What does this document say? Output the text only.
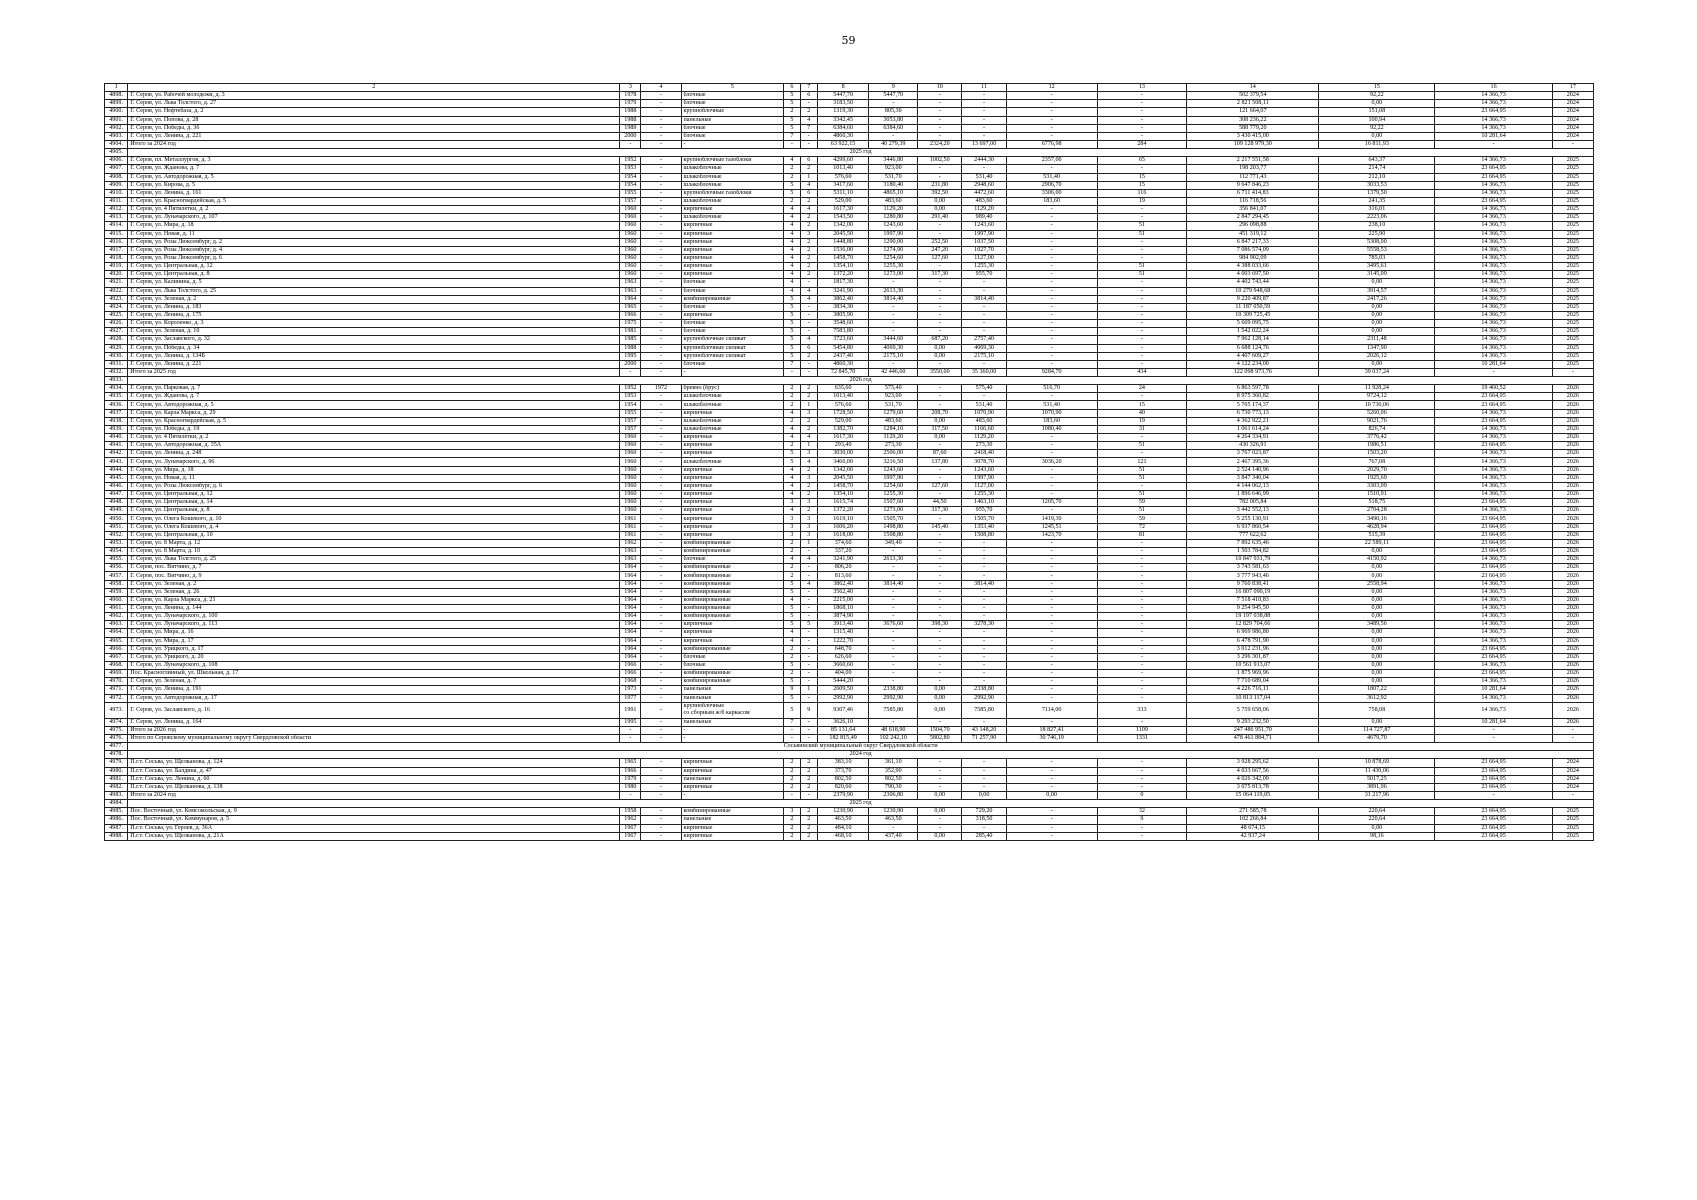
59
1	2	3	4	5	6	7	8	9	10	11	12	13	14	15	16	17
4898.	Г. Серов, ул. Рабочей молодежи, д. 3	1978	-	блочные	5	6	5447,70	5447,70	-	-	-	-	502 379,54	92,22	14 366,73	2024
4899.	Г. Серов, ул. Льва Толстого, д. 27	1979	-	блочные	5	-	3183,50	-	-	-	-	-	2 821 508,11	0,00	14 366,73	2024
4900.	Г. Серов, ул. Нефтебаза, д. 2	1988	-	крупноблочные	2	2	1319,30	805,30	-	-	-	-	121 664,07	151,08	23 664,95	2024
4901.	Г. Серов, ул. Попова, д. 28	1988	-	панельные	5	4	3342,45	3053,80	-	-	-	-	308 236,22	100,94	14 366,73	2024
4902.	Г. Серов, ул. Победы, д. 36	1989	-	блочные	5	7	6384,60	6384,60	-	-	-	-	588 779,20	92,22	14 366,73	2024
4903.	Г. Серов, ул. Ленина, д. 221	2000	-	блочные	7	-	4860,30	-	-	-	-	-	3 430 415,00	0,00	10 281,64	2024
4904.	Итого за 2024 год	-	-	-	-	-	63 922,15	40 279,39	2324,20	13 697,00	6776,98	284	109 128 979,30	16 811,93	-	-
4905.	2025 год															
4906.	Г. Серов, пл. Металлургов, д. 3	1952	-	крупноблочные газоблоки	4	6	4299,60	3446,80	1002,50	2444,30	2357,00	65	2 217 551,58	643,37	14 366,73	2025
4907.	Г. Серов, ул. Жданова, д. 7	1953	-	шлакоблочные	2	2	1013,40	923,00	-	-	-	-	198 203,77	214,74	23 664,95	2025
4908.	Г. Серов, ул. Автодорожная, д. 5	1954	-	шлакоблочные	2	1	576,60	531,70	-	531,40	531,40	15	112 771,43	212,10	23 664,95	2025
4909.	Г. Серов, ул. Кирова, д. 5	1954	-	шлакоблочные	5	4	3417,60	3180,40	231,80	2948,60	2906,70	15	9 647 846,23	3033,53	14 366,73	2025
4910.	Г. Серов, ул. Ленина, д. 161	1955	-	крупноблочные газоблоки	5	6	5311,10	4865,10	392,50	4472,60	3306,00	116	6 711 414,83	1379,50	14 366,73	2025
4911.	Г. Серов, ул. Красногвардейская, д. 5	1957	-	шлакоблочные	2	2	529,00	483,60	0,00	483,60	183,60	19	116 718,56	241,35	23 664,95	2025
4912.	Г. Серов, ул. 4 Пятилетки, д. 2	1960	-	кирпичные	4	4	1617,30	1129,20	0,00	1129,20	-	-	356 841,07	316,01	14 366,73	2025
4913.	Г. Серов, ул. Луначарского, д. 107	1960	-	шлакоблочные	4	2	1543,50	1280,80	291,40	989,40	-	-	2 847 294,45	2223,06	14 366,73	2025
4914.	Г. Серов, ул. Мира, д. 18	1960	-	кирпичные	4	2	1342,00	1243,60	-	1243,60	-	51	296 098,88	238,10	14 366,73	2025
4915.	Г. Серов, ул. Новая, д. 11	1960	-	кирпичные	4	3	2045,50	1997,90	-	1997,90	-	51	451 319,12	225,90	14 366,73	2025
4916.	Г. Серов, ул. Розы Люксембург, д. 2	1960	-	кирпичные	4	2	1448,80	1290,00	252,50	1037,50	-	-	6 847 217,33	5308,00	14 366,73	2025
4917.	Г. Серов, ул. Розы Люксембург, д. 4	1960	-	кирпичные	4	2	1536,00	1274,90	247,20	1027,70	-	-	7 086 574,09	5558,53	14 366,73	2025
4918.	Г. Серов, ул. Розы Люксембург, д. 6	1960	-	кирпичные	4	2	1458,70	1254,60	127,60	1127,00	-	-	984 902,09	785,03	14 366,73	2025
4919.	Г. Серов, ул. Центральная, д. 12	1960	-	кирпичные	4	2	1354,10	1255,30	-	1255,30	-	51	4 388 033,66	3495,61	14 366,73	2025
4920.	Г. Серов, ул. Центральная, д. 8	1960	-	кирпичные	4	2	1372,20	1273,00	317,30	955,70	-	51	4 003 697,50	3145,09	14 366,73	2025
4921.	Г. Серов, ул. Калинина, д. 5	1963	-	блочные	4	-	1817,30	-	-	-	-	-	4 402 743,44	0,00	14 366,73	2025
4922.	Г. Серов, ул. Льва Толстого, д. 25	1963	-	блочные	4	4	3241,90	2613,30	-	-	-	-	10 279 948,68	3914,57	14 366,73	2025
4923.	Г. Серов, ул. Зеленая, д. 2	1964	-	комбинированные	5	4	3862,40	3814,40	-	3814,40	-	-	9 220 409,87	2417,26	14 366,73	2025
4924.	Г. Серов, ул. Ленина, д. 183	1965	-	блочные	5	-	3834,30	-	-	-	-	-	11 187 050,59	0,00	14 366,73	2025
4925.	Г. Серов, ул. Ленина, д. 175	1966	-	кирпичные	5	-	3805,90	-	-	-	-	-	10 309 725,45	0,00	14 366,73	2025
4926.	Г. Серов, ул. Короленко, д. 3	1975	-	блочные	5	-	3548,60	-	-	-	-	-	5 609 095,75	0,00	14 366,73	2025
4927.	Г. Серов, ул. Зеленая, д. 10	1981	-	блочные	5	-	7583,80	-	-	-	-	-	1 542 022,24	0,00	14 366,73	2025
4928.	Г. Серов, ул. Заславского, д. 32	1985	-	крупноблочные силикат	5	4	3723,60	3444,60	687,20	2757,40	-	-	7 962 128,14	2311,48	14 366,73	2025
4929.	Г. Серов, ул. Победы, д. 34	1988	-	крупноблочные силикат	5	6	5454,80	4069,30	0,00	4069,30	-	-	6 688 124,76	1347,90	14 366,73	2025
4930.	Г. Серов, ул. Ленина, д. 134Б	1995	-	крупноблочные силикат	5	2	2437,40	2175,10	0,00	2175,10	-	-	4 407 609,27	2026,12	14 366,73	2025
4931.	Г. Серов, ул. Ленина, д. 221	2000	-	блочные	7	-	4860,30	-	-	-	-	-	4 122 234,00	0,00	10 281,64	2025
4932.	Итого за 2025 год	-	-	-	-	-	72 845,70	42 446,60	3550,00	35 360,00	9284,70	434	122 098 973,76	39 037,24	-	-
4933.	2026 год															
4934.	Г. Серов, ул. Парковая, д. 7	1952	1972	бревно (брус)	2	2	635,60	575,40	-	575,40	516,70	24	6 863 597,78	11 928,24	19 460,52	2026
4935.	Г. Серов, ул. Жданова, д. 7	1953	-	шлакоблочные	2	2	1013,40	923,00	-	-	-	-	8 975 360,82	9724,12	23 664,95	2026
4936.	Г. Серов, ул. Автодорожная, д. 5	1954	-	шлакоблочные	2	1	576,60	531,70	-	531,40	531,40	15	5 705 174,37	10 730,06	23 664,95	2026
4937.	Г. Серов, ул. Карла Маркса, д. 29	1955	-	кирпичные	4	3	1728,50	1279,60	208,70	1070,90	1070,90	40	6 730 773,13	5260,06	14 366,73	2026
4938.	Г. Серов, ул. Красногвардейская, д. 5	1957	-	шлакоблочные	2	2	529,00	483,60	0,00	483,60	183,60	19	4 362 922,21	9021,76	23 664,95	2026
4939.	Г. Серов, ул. Победы, д. 19	1957	-	шлакоблочные	4	2	1382,70	1284,10	117,50	1166,60	1080,40	31	1 061 614,24	826,74	14 366,73	2026
4940.	Г. Серов, ул. 4 Пятилетки, д. 2	1960	-	кирпичные	4	4	1617,30	1129,20	0,00	1129,20	-	-	4 264 334,91	3776,42	14 366,73	2026
4941.	Г. Серов, ул. Автодорожная, д. 35А	1960	-	кирпичные	2	1	293,40	273,30	-	273,30	-	51	430 326,91	1986,51	23 664,95	2026
4942.	Г. Серов, ул. Ленина, д. 248	1960	-	кирпичные	5	3	3030,00	2506,00	87,60	2418,40	-	-	3 767 023,87	1503,20	14 366,73	2026
4943.	Г. Серов, ул. Луначарского, д. 96	1960	-	шлакоблочные	5	4	3466,00	3216,50	137,80	3078,70	3036,20	121	2 467 395,36	767,08	14 366,73	2026
4944.	Г. Серов, ул. Мира, д. 18	1960	-	кирпичные	4	2	1342,00	1243,60	-	1243,60	-	51	2 524 140,96	2029,70	14 366,73	2026
4945.	Г. Серов, ул. Новая, д. 11	1960	-	кирпичные	4	3	2045,50	1997,90	-	1997,90	-	51	3 847 340,04	1925,69	14 366,73	2026
4946.	Г. Серов, ул. Розы Люксембург, д. 6	1960	-	кирпичные	4	2	1458,70	1254,60	127,60	1127,00	-	-	4 144 062,13	3303,09	14 366,73	2026
4947.	Г. Серов, ул. Центральная, д. 12	1960	-	кирпичные	4	2	1354,10	1255,30	-	1255,30	-	51	1 896 646,99	1510,91	14 366,73	2026
4948.	Г. Серов, ул. Центральная, д. 14	1960	-	кирпичные	3	3	1615,74	1507,60	44,50	1463,10	1205,70	59	782 005,84	518,75	23 664,95	2026
4949.	Г. Серов, ул. Центральная, д. 8	1960	-	кирпичные	4	2	1372,20	1273,00	317,30	955,70	-	51	3 442 552,13	2704,28	14 366,73	2026
4950.	Г. Серов, ул. Олега Кошевого, д. 10	1961	-	кирпичные	3	3	1619,10	1505,70	-	1505,70	1419,30	59	5 255 130,91	3490,16	23 664,95	2026
4951.	Г. Серов, ул. Олега Кошевого, д. 4	1961	-	кирпичные	3	3	1606,20	1498,80	145,40	1353,40	1245,51	72	6 937 860,54	4628,94	23 664,95	2026
4952.	Г. Серов, ул. Центральная, д. 10	1961	-	кирпичные	3	3	1618,00	1508,80	-	1508,80	1423,70	81	777 622,62	515,39	23 664,95	2026
4953.	Г. Серов, ул. 8 Марта, д. 12	1962	-	комбинированные	2	1	374,60	349,40	-	-	-	-	7 892 635,46	22 589,11	23 664,95	2026
4954.	Г. Серов, ул. 8 Марта, д. 10	1963	-	комбинированные	2	-	337,20	-	-	-	-	-	1 503 784,82	0,00	23 664,95	2026
4955.	Г. Серов, ул. Льва Толстого, д. 25	1963	-	блочные	4	4	3241,90	2613,30	-	-	-	-	10 847 931,79	4150,92	14 366,73	2026
4956.	Г. Серов, пос. Вятчино, д. 7	1964	-	комбинированные	2	-	806,20	-	-	-	-	-	3 743 581,63	0,00	23 664,95	2026
4957.	Г. Серов, пос. Вятчино, д. 9	1964	-	комбинированные	2	-	813,60	-	-	-	-	-	3 777 943,46	0,00	23 664,95	2026
4958.	Г. Серов, ул. Зеленая, д. 2	1964	-	комбинированные	5	4	3862,40	3814,40	-	3814,40	-	-	9 760 838,41	2558,94	14 366,73	2026
4959.	Г. Серов, ул. Зеленая, д. 26	1964	-	комбинированные	5	-	3562,40	-	-	-	-	-	16 807 090,19	0,00	14 366,73	2026
4960.	Г. Серов, ул. Карла Маркса, д. 21	1964	-	комбинированные	4	-	2215,00	-	-	-	-	-	7 518 410,83	0,00	14 366,73	2026
4961.	Г. Серов, ул. Ленина, д. 144	1964	-	комбинированные	5	-	1868,10	-	-	-	-	-	9 254 945,50	0,00	14 366,73	2026
4962.	Г. Серов, ул. Луначарского, д. 100	1964	-	комбинированные	5	-	3874,90	-	-	-	-	-	19 197 038,88	0,00	14 366,73	2026
4963.	Г. Серов, ул. Луначарского, д. 113	1964	-	кирпичные	5	5	3913,40	3676,60	398,30	3278,30	-	-	12 829 704,66	3489,56	14 366,73	2026
4964.	Г. Серов, ул. Мира, д. 16	1964	-	кирпичные	4	-	1315,40	-	-	-	-	-	6 969 986,80	0,00	14 366,73	2026
4965.	Г. Серов, ул. Мира, д. 17	1964	-	кирпичные	4	-	1222,70	-	-	-	-	-	6 478 791,90	0,00	14 366,73	2026
4966.	Г. Серов, ул. Урицкого, д. 17	1964	-	комбинированные	2	-	648,70	-	-	-	-	-	3 012 231,96	0,00	23 664,95	2026
4967.	Г. Серов, ул. Урицкого, д. 20	1964	-	блочные	2	-	626,60	-	-	-	-	-	3 296 301,87	0,00	23 664,95	2026
4968.	Г. Серов, ул. Луначарского, д. 108	1966	-	блочные	5	-	3660,60	-	-	-	-	-	10 561 913,07	0,00	14 366,73	2026
4969.	Пос. Красноглинный, ул. Школьная, д. 17	1966	-	комбинированные	2	-	404,00	-	-	-	-	-	1 875 969,96	0,00	23 664,95	2026
4970.	Г. Серов, ул. Зеленая, д. 7	1968	-	комбинированные	5	-	5444,20	-	-	-	-	-	7 710 689,04	0,00	14 366,73	2026
4971.	Г. Серов, ул. Ленина, д. 191	1973	-	панельные	9	1	2609,50	2338,80	0,00	2338,80	-	-	4 226 716,11	1807,22	10 281,64	2026
4972.	Г. Серов, ул. Автодорожная, д. 17	1977	-	панельные	5	-	2992,90	2992,90	0,00	2992,90	-	-	10 813 117,04	3612,92	14 366,73	2026
4973.	Г. Серов, ул. Заславского, д. 16	1991	-	крупноблочные
со сборным ж/б каркасом	5	9	9307,46	7585,80	0,00	7585,80	7114,00	333	5 759 658,06	758,08	14 366,73	2026
4974.	Г. Серов, ул. Ленина, д. 164	1995	-	панельные	7	-	3626,10	-	-	-	-	-	9 293 232,50	0,00	10 281,64	2026
4975.	Итого за 2026 год	-	-	-	-	-	85 131,64	48 618,90	1504,70	43 148,20	18 827,41	1109	247 486 951,70	114 727,87	-	-
4976.	Итого по Серовскому муниципальному округу Свердловской области	-	-	-	-	-	182 815,49	102 242,10	5802,80	71 257,90	30 746,19	1331	478 461 884,71	4679,70	-	-
4977.	Сосьвинский муниципальный округ Свердловской области															
4978.	2024 год															
4979.	П.г.т. Сосьва, ул. Щелканова, д. 124	1965	-	кирпичные	2	2	383,10	361,10	-	-	-	-	3 928 295,62	10 878,69	23 664,95	2024
4980.	П.г.т. Сосьва, ул. Балдина, д. 47	1966	-	кирпичные	2	2	373,70	352,90	-	-	-	-	4 033 667,56	11 430,06	23 664,95	2024
4981.	П.г.т. Сосьва, ул. Ленина, д. 60	1979	-	панельные	2	2	802,50	802,50	-	-	-	-	4 026 342,09	5017,25	23 664,95	2024
4982.	П.г.т. Сосьва, ул. Щелканова, д. 138	1980	-	кирпичные	2	2	820,60	790,30	-	-	-	-	3 075 813,78	3891,96	23 664,95	2024
4983.	Итого за 2024 год	-	-	-	-	-	2379,90	2306,80	0,00	0,00	0,00	0	15 064 119,05	31 217,96	-	-
4984.	2025 год															
4985.	Пос. Восточный, ул. Комсомольская, д. 9	1958	-	комбинированные	3	2	1230,90	1230,90	0,00	729,20	-	32	271 585,78	220,64	23 664,95	2025
4986.	Пос. Восточный, ул. Коммунаров, д. 5	1962	-	панельные	2	2	463,50	463,50	-	318,50	-	9	102 266,84	220,64	23 664,95	2025
4987.	П.г.т. Сосьва, ул. Героев, д. 36А	1967	-	кирпичные	2	2	484,10	-	-	-	-	-	48 674,15	0,00	23 664,95	2025
4988.	П.г.т. Сосьва, ул. Щелканова, д. 21А	1967	-	кирпичные	2	2	468,10	437,40	0,00	285,40	-	-	42 937,24	98,16	23 664,95	2025
